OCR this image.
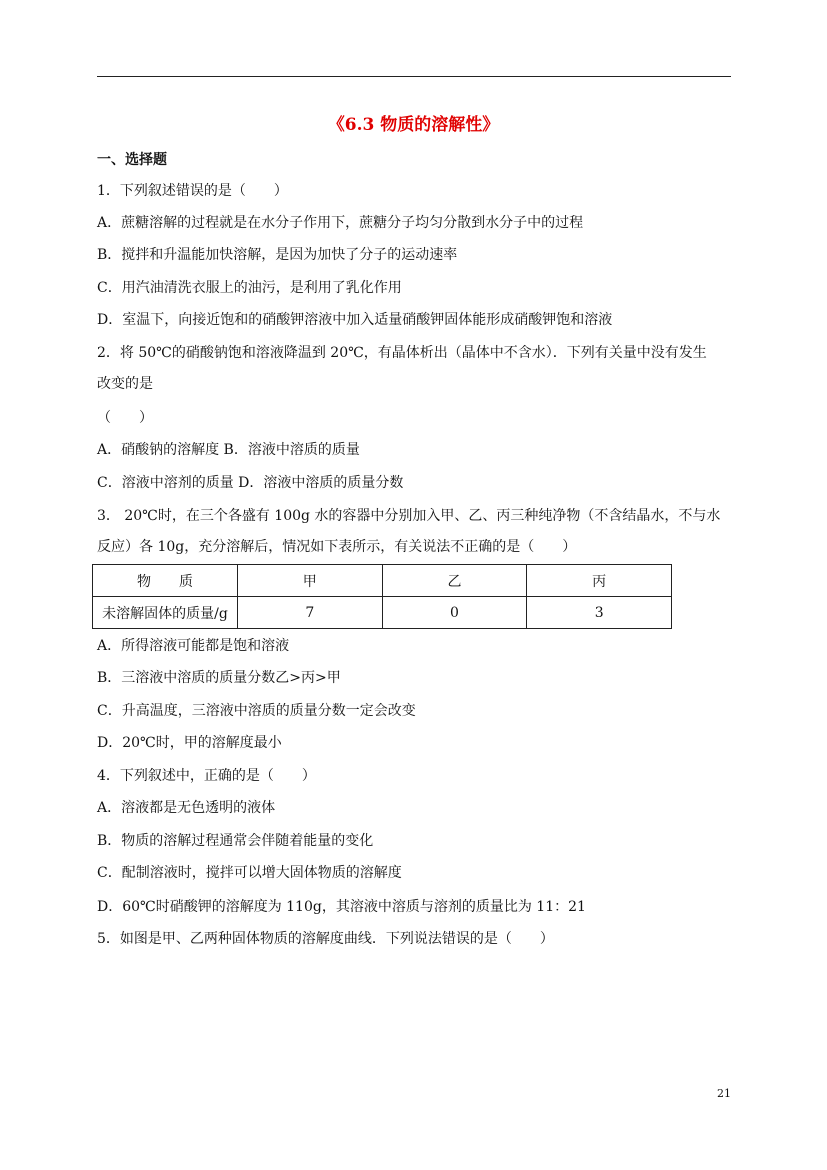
《6.3 物质的溶解性》
一、选择题
1．下列叙述错误的是（　　）
A．蔗糖溶解的过程就是在水分子作用下，蔗糖分子均匀分散到水分子中的过程
B．搅拌和升温能加快溶解，是因为加快了分子的运动速率
C．用汽油清洗衣服上的油污，是利用了乳化作用
D．室温下，向接近饱和的硝酸钾溶液中加入适量硝酸钾固体能形成硝酸钾饱和溶液
2．将 50℃的硝酸钠饱和溶液降温到 20℃，有晶体析出（晶体中不含水）．下列有关量中没有发生
改变的是
（　　）
A．硝酸钠的溶解度 B．溶液中溶质的质量
C．溶液中溶剂的质量 D．溶液中溶质的质量分数
3． 20℃时，在三个各盛有 100g 水的容器中分别加入甲、乙、丙三种纯净物（不含结晶水，不与水
反应）各 10g，充分溶解后，情况如下表所示，有关说法不正确的是（　　）
物　　质	甲	乙	丙
未溶解固体的质量/g	7	0	3
A．所得溶液可能都是饱和溶液
B．三溶液中溶质的质量分数乙>丙>甲
C．升高温度，三溶液中溶质的质量分数一定会改变
D．20℃时，甲的溶解度最小
4．下列叙述中，正确的是（　　）
A．溶液都是无色透明的液体
B．物质的溶解过程通常会伴随着能量的变化
C．配制溶液时，搅拌可以增大固体物质的溶解度
D．60℃时硝酸钾的溶解度为 110g，其溶液中溶质与溶剂的质量比为 11：21
5．如图是甲、乙两种固体物质的溶解度曲线．下列说法错误的是（　　）
21
